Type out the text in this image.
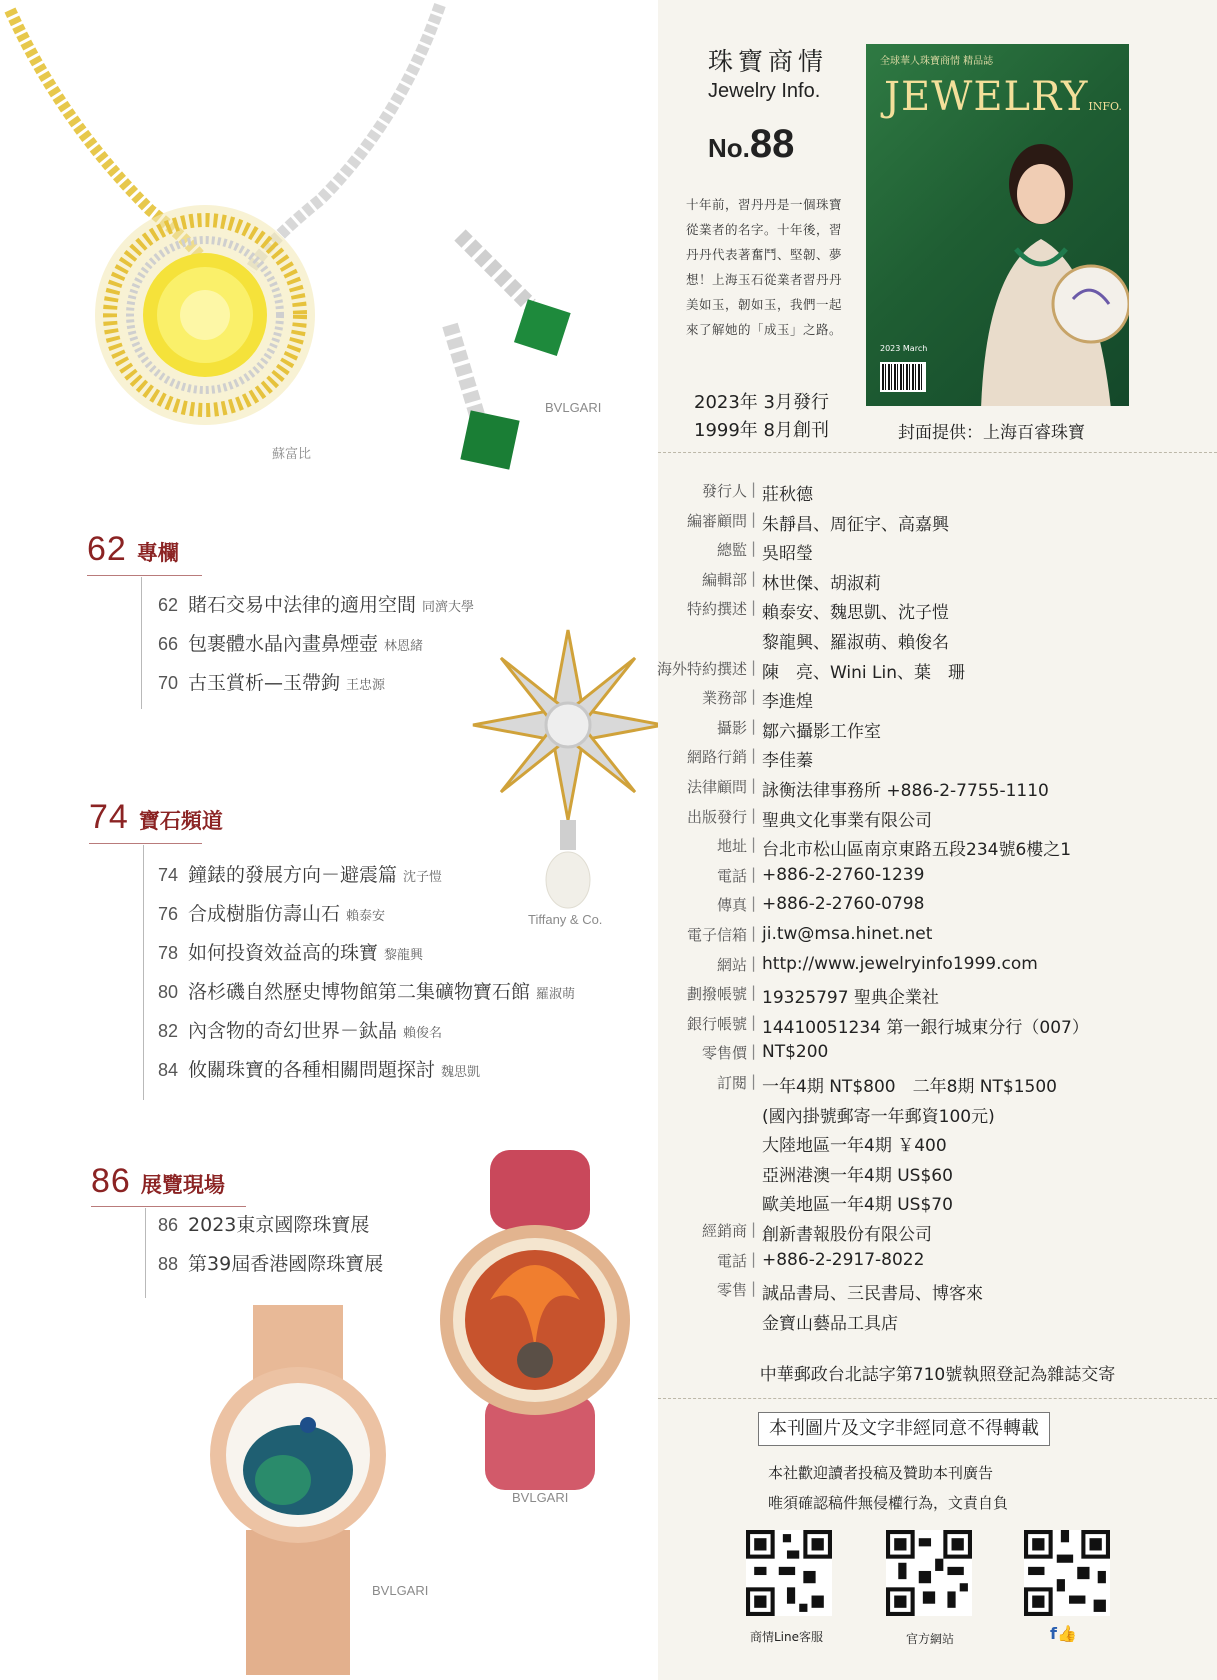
蘇富比
BVLGARI
62 專欄
62 賭石交易中法律的適用空間 同濟大學
66 包裹體水晶內畫鼻煙壺 林恩緒
70 古玉賞析—玉帶鉤 王忠源
Tiffany & Co.
74 寶石頻道
74 鐘錶的發展方向－避震篇 沈子愷
76 合成樹脂仿壽山石 賴泰安
78 如何投資效益高的珠寶 黎龍興
80 洛杉磯自然歷史博物館第二集礦物寶石館 羅淑萌
82 內含物的奇幻世界－鈦晶 賴俊名
84 攸關珠寶的各種相關問題探討 魏思凱
86 展覽現場
86 2023東京國際珠寶展
88 第39屆香港國際珠寶展
BVLGARI
BVLGARI
珠寶商情
Jewelry Info.
No.88
十年前，習丹丹是一個珠寶從業者的名字。十年後，習丹丹代表著奮鬥、堅韌、夢想！上海玉石從業者習丹丹美如玉，韌如玉，我們一起來了解她的「成玉」之路。
2023年 3月發行
1999年 8月創刊
全球華人珠寶商情 精品誌
JEWELRYINFO.
2023 March
封面提供：上海百睿珠寶
發行人 | 莊秋德
編審顧問 | 朱靜昌、周征宇、高嘉興
總監 | 吳昭瑩
編輯部 | 林世傑、胡淑莉
特約撰述 | 賴泰安、魏思凱、沈子愷
黎龍興、羅淑萌、賴俊名
海外特約撰述 | 陳　亮、Wini Lin、葉　珊
業務部 | 李進煌
攝影 | 鄒六攝影工作室
網路行銷 | 李佳蓁
法律顧問 | 詠衡法律事務所 +886-2-7755-1110
出版發行 | 聖典文化事業有限公司
地址 | 台北市松山區南京東路五段234號6樓之1
電話 | +886-2-2760-1239
傳真 | +886-2-2760-0798
電子信箱 | ji.tw@msa.hinet.net
網站 | http://www.jewelryinfo1999.com
劃撥帳號 | 19325797 聖典企業社
銀行帳號 | 14410051234 第一銀行城東分行（007）
零售價 | NT$200
訂閱 | 一年4期 NT$800　二年8期 NT$1500
(國內掛號郵寄一年郵資100元)
大陸地區一年4期 ￥400
亞洲港澳一年4期 US$60
歐美地區一年4期 US$70
經銷商 | 創新書報股份有限公司
電話 | +886-2-2917-8022
零售 | 誠品書局、三民書局、博客來
金寶山藝品工具店
中華郵政台北誌字第710號執照登記為雜誌交寄
本刊圖片及文字非經同意不得轉載
本社歡迎讀者投稿及贊助本刊廣告
唯須確認稿件無侵權行為，文責自負
商情Line客服	官方網站	f👍
